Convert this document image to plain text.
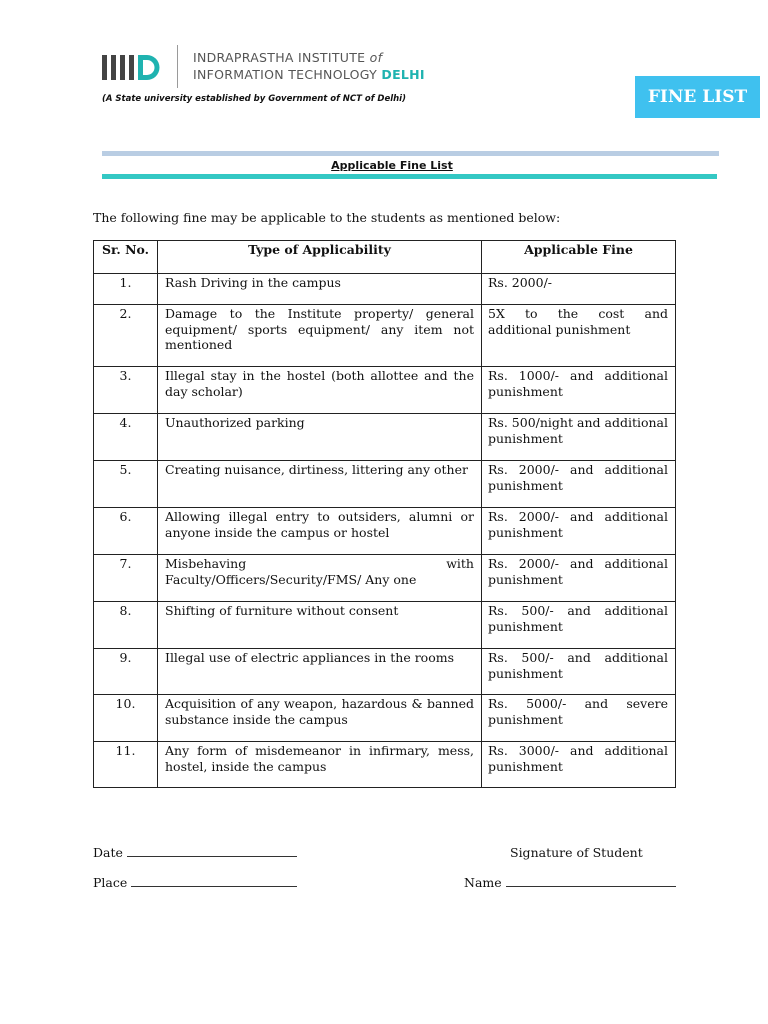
INDRAPRASTHA INSTITUTE of
INFORMATION TECHNOLOGY DELHI
(A State university established by Government of NCT of Delhi)	FINE LIST
Applicable Fine List
The following fine may be applicable to the students as mentioned below:
Sr. No.	Type of Applicability	Applicable Fine
1.	Rash Driving in the campus	Rs. 2000/-
2.	Damage to the Institute property/ general equipment/ sports equipment/ any item not mentioned	5X to the cost and additional punishment
3.	Illegal stay in the hostel (both allottee and the day scholar)	Rs. 1000/- and additional punishment
4.	Unauthorized parking	Rs. 500/night and additional punishment
5.	Creating nuisance, dirtiness, littering any other	Rs. 2000/- and additional punishment
6.	Allowing illegal entry to outsiders, alumni or anyone inside the campus or hostel	Rs. 2000/- and additional punishment
7.	Misbehaving with Faculty/Officers/Security/FMS/ Any one	Rs. 2000/- and additional punishment
8.	Shifting of furniture without consent	Rs. 500/- and additional punishment
9.	Illegal use of electric appliances in the rooms	Rs. 500/- and additional punishment
10.	Acquisition of any weapon, hazardous & banned substance inside the campus	Rs. 5000/- and severe punishment
11.	Any form of misdemeanor in infirmary, mess, hostel, inside the campus	Rs. 3000/- and additional punishment
Date	Signature of Student
Place	Name
